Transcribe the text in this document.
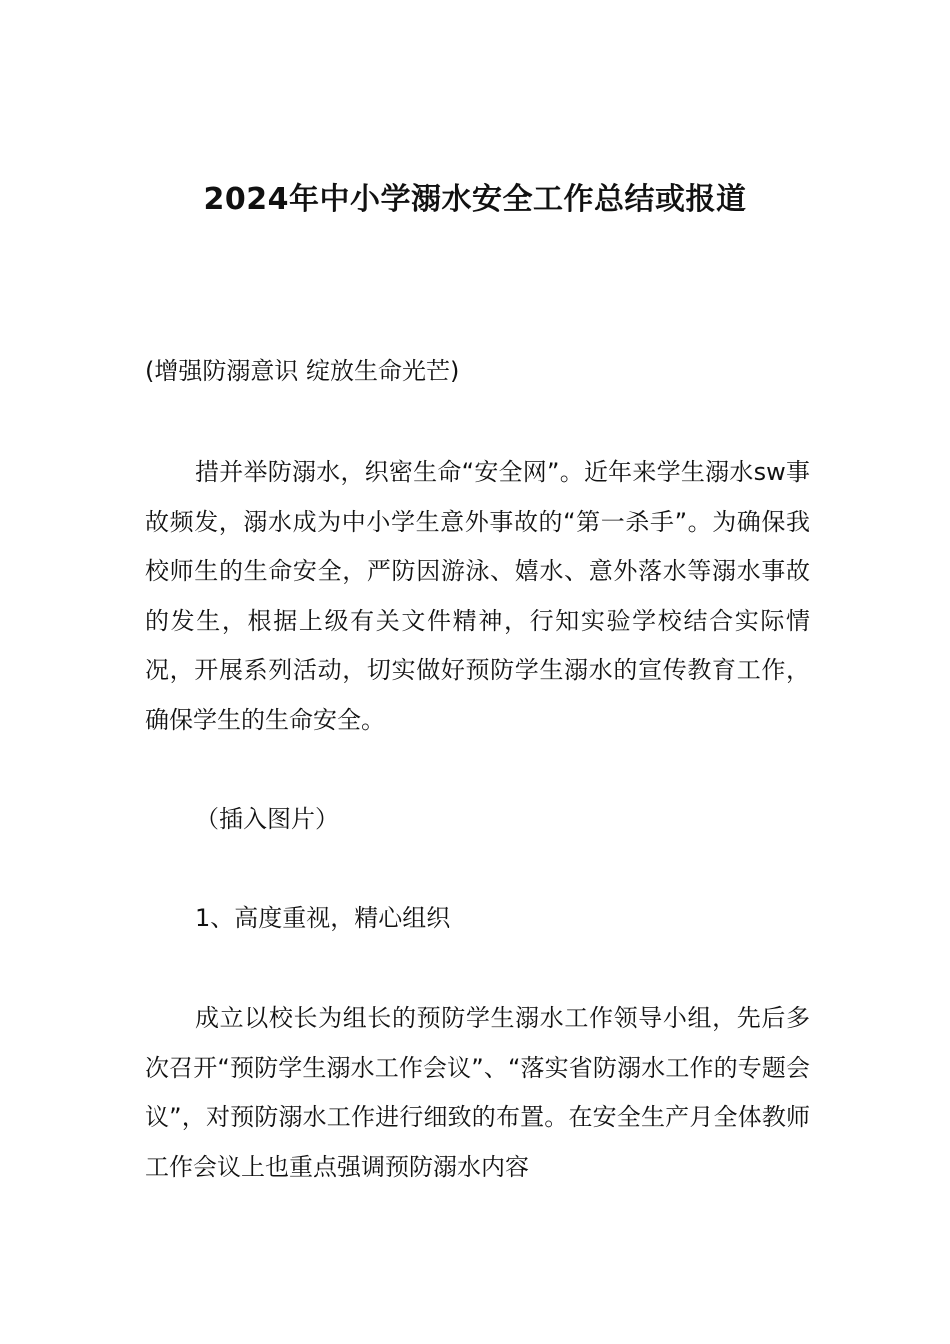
2024年中小学溺水安全工作总结或报道

(增强防溺意识 绽放生命光芒)

措并举防溺水，织密生命“安全网”。近年来学生溺水sw事故频发，溺水成为中小学生意外事故的“第一杀手”。为确保我校师生的生命安全，严防因游泳、嬉水、意外落水等溺水事故的发生，根据上级有关文件精神，行知实验学校结合实际情况，开展系列活动，切实做好预防学生溺水的宣传教育工作，确保学生的生命安全。

（插入图片）

1、高度重视，精心组织

成立以校长为组长的预防学生溺水工作领导小组，先后多次召开“预防学生溺水工作会议”、“落实省防溺水工作的专题会议”，对预防溺水工作进行细致的布置。在安全生产月全体教师工作会议上也重点强调预防溺水内容
